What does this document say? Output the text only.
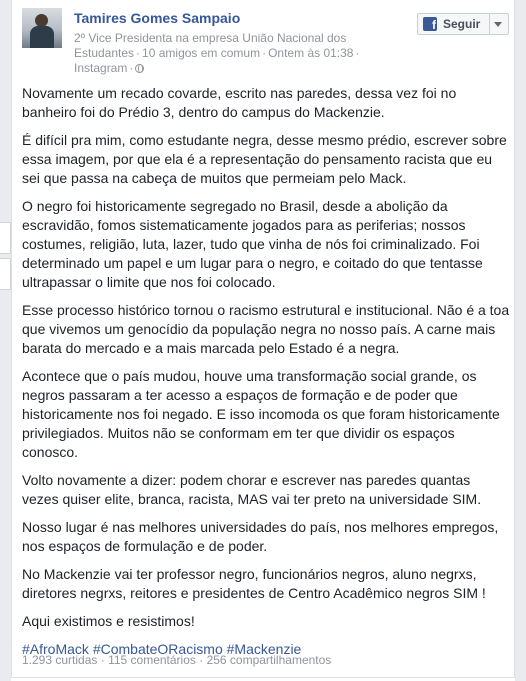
Tamires Gomes Sampaio
2º Vice Presidenta na empresa União Nacional dos Estudantes · 10 amigos em comum · Ontem às 01:38 ·
Instagram ·
f Seguir

Novamente um recado covarde, escrito nas paredes, dessa vez foi no banheiro foi do Prédio 3, dentro do campus do Mackenzie.

É difícil pra mim, como estudante negra, desse mesmo prédio, escrever sobre essa imagem, por que ela é a representação do pensamento racista que eu sei que passa na cabeça de muitos que permeiam pelo Mack.

O negro foi historicamente segregado no Brasil, desde a abolição da escravidão, fomos sistematicamente jogados para as periferias; nossos costumes, religião, luta, lazer, tudo que vinha de nós foi criminalizado. Foi determinado um papel e um lugar para o negro, e coitado do que tentasse ultrapassar o limite que nos foi colocado.

Esse processo histórico tornou o racismo estrutural e institucional. Não é a toa que vivemos um genocídio da população negra no nosso país. A carne mais barata do mercado e a mais marcada pelo Estado é a negra.

Acontece que o país mudou, houve uma transformação social grande, os negros passaram a ter acesso a espaços de formação e de poder que historicamente nos foi negado. E isso incomoda os que foram historicamente privilegiados. Muitos não se conformam em ter que dividir os espaços conosco.

Volto novamente a dizer: podem chorar e escrever nas paredes quantas vezes quiser elite, branca, racista, MAS vai ter preto na universidade SIM.

Nosso lugar é nas melhores universidades do país, nos melhores empregos, nos espaços de formulação e de poder.

No Mackenzie vai ter professor negro, funcionários negros, aluno negrxs, diretores negrxs, reitores e presidentes de Centro Acadêmico negros SIM !

Aqui existimos e resistimos!

#AfroMack #CombateORacismo #Mackenzie

1.293 curtidas · 115 comentários · 256 compartilhamentos
